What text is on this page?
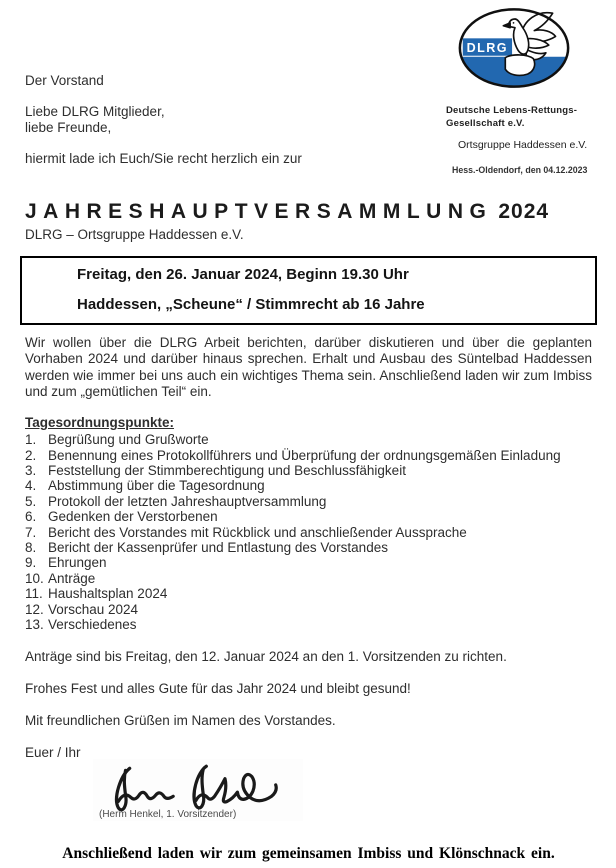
DLRG
Deutsche Lebens-Rettungs-
Gesellschaft e.V.
Ortsgruppe Haddessen e.V.
Hess.-Oldendorf, den 04.12.2023
Der Vorstand
Liebe DLRG Mitglieder,
liebe Freunde,
hiermit lade ich Euch/Sie recht herzlich ein zur
JAHRESHAUPTVERSAMMLUNG 2024
DLRG – Ortsgruppe Haddessen e.V.
Freitag, den 26. Januar 2024, Beginn 19.30 Uhr
Haddessen, „Scheune“ / Stimmrecht ab 16 Jahre

Wir wollen über die DLRG Arbeit berichten, darüber diskutieren und über die geplanten Vorhaben 2024 und darüber hinaus sprechen. Erhalt und Ausbau des Süntelbad Haddessen werden wie immer bei uns auch ein wichtiges Thema sein. Anschließend laden wir zum Imbiss und zum „gemütlichen Teil“ ein.

Tagesordnungspunkte:
1. Begrüßung und Grußworte
2. Benennung eines Protokollführers und Überprüfung der ordnungsgemäßen Einladung
3. Feststellung der Stimmberechtigung und Beschlussfähigkeit
4. Abstimmung über die Tagesordnung
5. Protokoll der letzten Jahreshauptversammlung
6. Gedenken der Verstorbenen
7. Bericht des Vorstandes mit Rückblick und anschließender Aussprache
8. Bericht der Kassenprüfer und Entlastung des Vorstandes
9. Ehrungen
10. Anträge
11. Haushaltsplan 2024
12. Vorschau 2024
13. Verschiedenes
Anträge sind bis Freitag, den 12. Januar 2024 an den 1. Vorsitzenden zu richten.
Frohes Fest und alles Gute für das Jahr 2024 und bleibt gesund!
Mit freundlichen Grüßen im Namen des Vorstandes.
Euer / Ihr
(Herm Henkel, 1. Vorsitzender)
Anschließend laden wir zum gemeinsamen Imbiss und Klönschnack ein.
